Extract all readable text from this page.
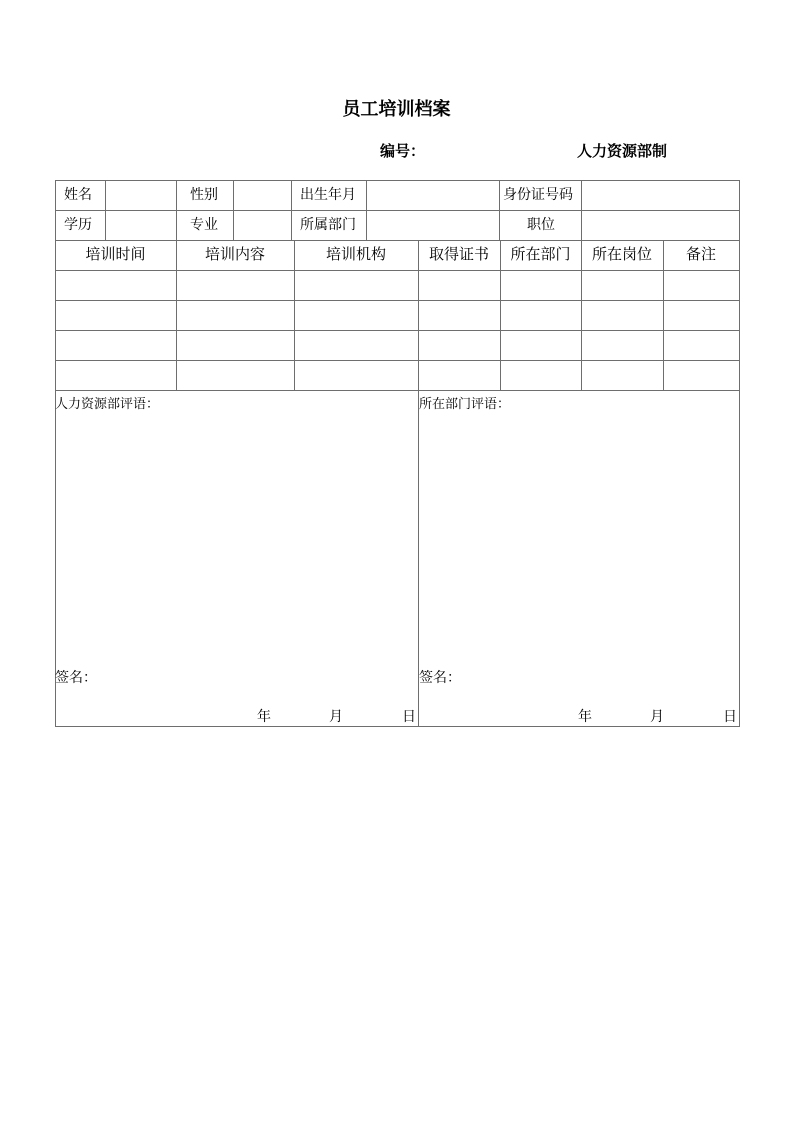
员工培训档案
编号：	人力资源部制
姓名	性别	出生年月	身份证号码
学历	专业	所属部门	职位
培训时间	培训内容	培训机构	取得证书	所在部门	所在岗位	备注
人力资源部评语：
签名：
年	月	日
所在部门评语：
签名：
年	月	日
